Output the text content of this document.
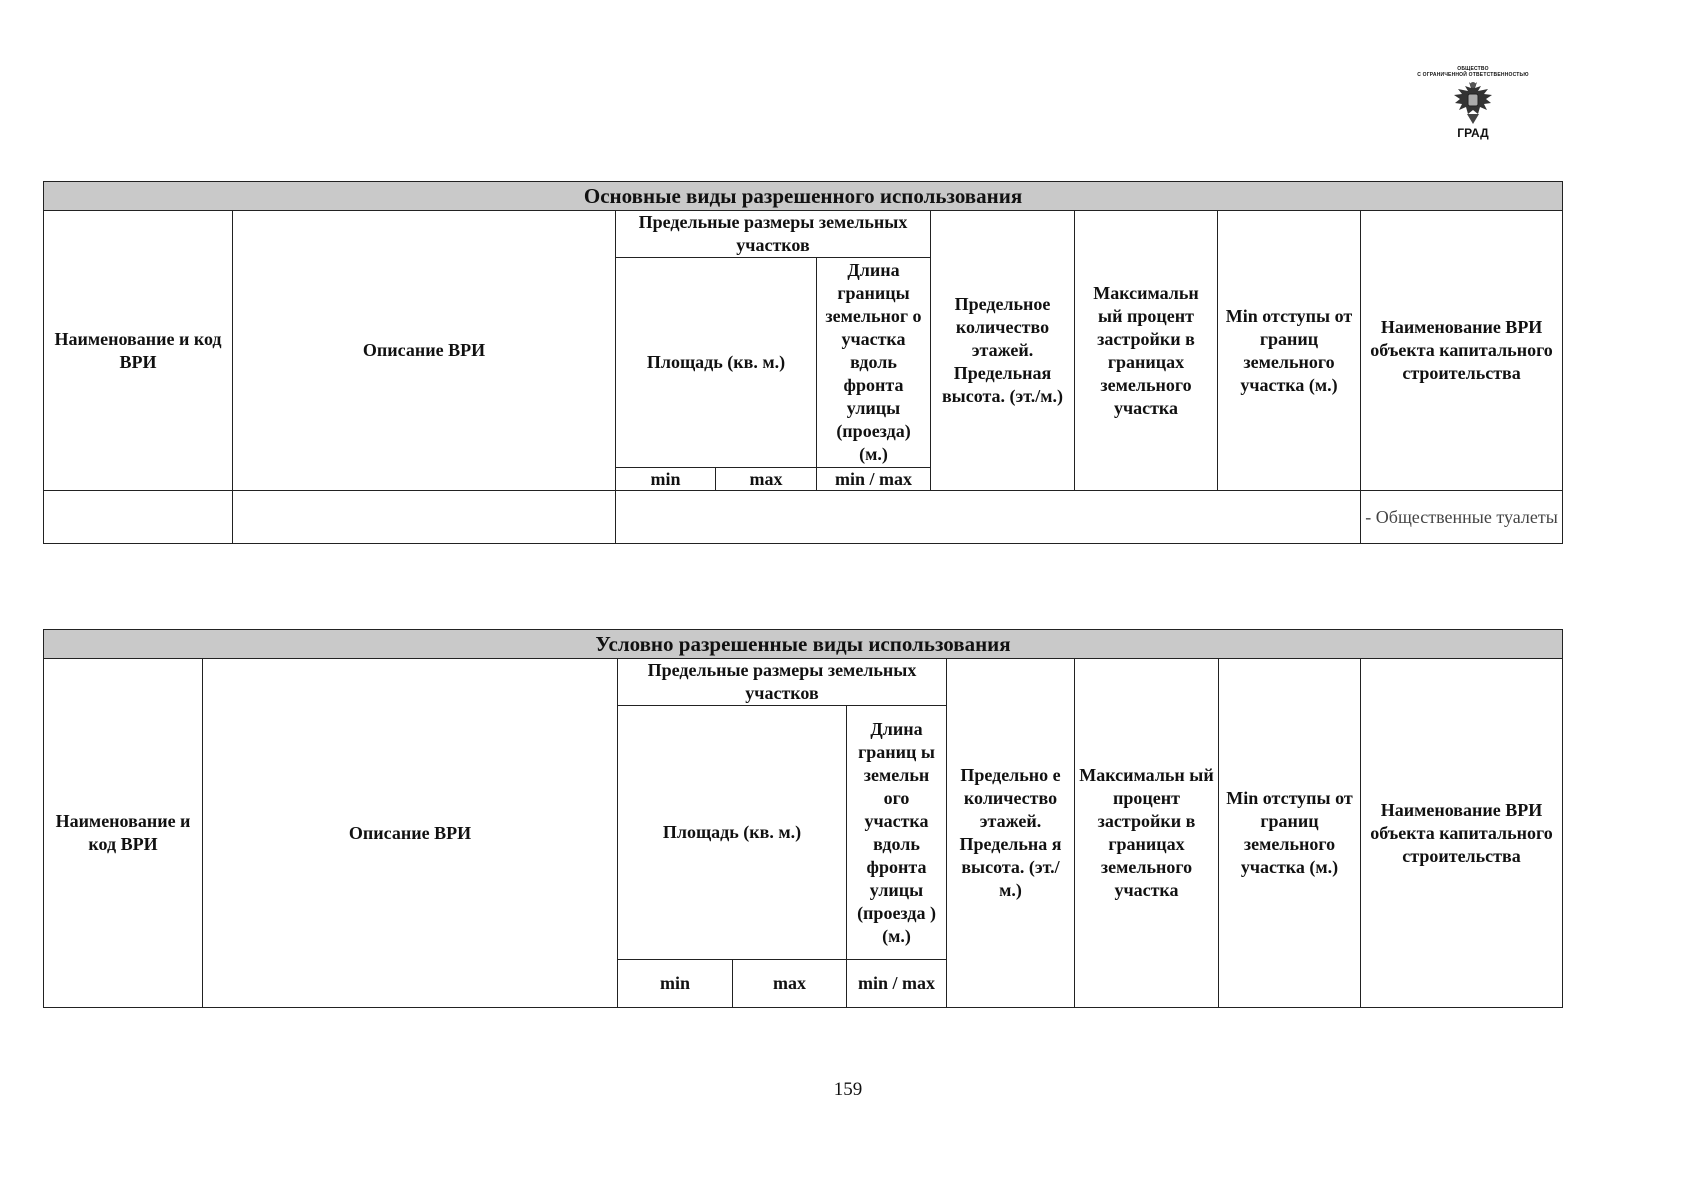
ОБЩЕСТВО
С ОГРАНИЧЕННОЙ ОТВЕТСТВЕННОСТЬЮ
ГРАД
Основные виды разрешенного использования								
Наименование и код ВРИ	Описание ВРИ	Предельные размеры земельных участков			Предельное количество этажей. Предельная высота. (эт./м.)	Максимальн ый процент застройки в границах земельного участка	Min отступы от границ земельного участка (м.)	Наименование ВРИ объекта капитального строительства
		Площадь (кв. м.)		Длина границы земельног о участка вдоль фронта улицы (проезда) (м.)				
		min	max	min / max				
								- Общественные туалеты
Условно разрешенные виды использования								
Наименование и код ВРИ	Описание ВРИ	Предельные размеры земельных участков			Предельно е количество этажей. Предельна я высота. (эт./м.)	Максимальн ый процент застройки в границах земельного участка	Min отступы от границ земельного участка (м.)	Наименование ВРИ объекта капитального строительства
		Площадь (кв. м.)		Длина границ ы земельн ого участка вдоль фронта улицы (проезда ) (м.)				
		min	max	min / max				
159
